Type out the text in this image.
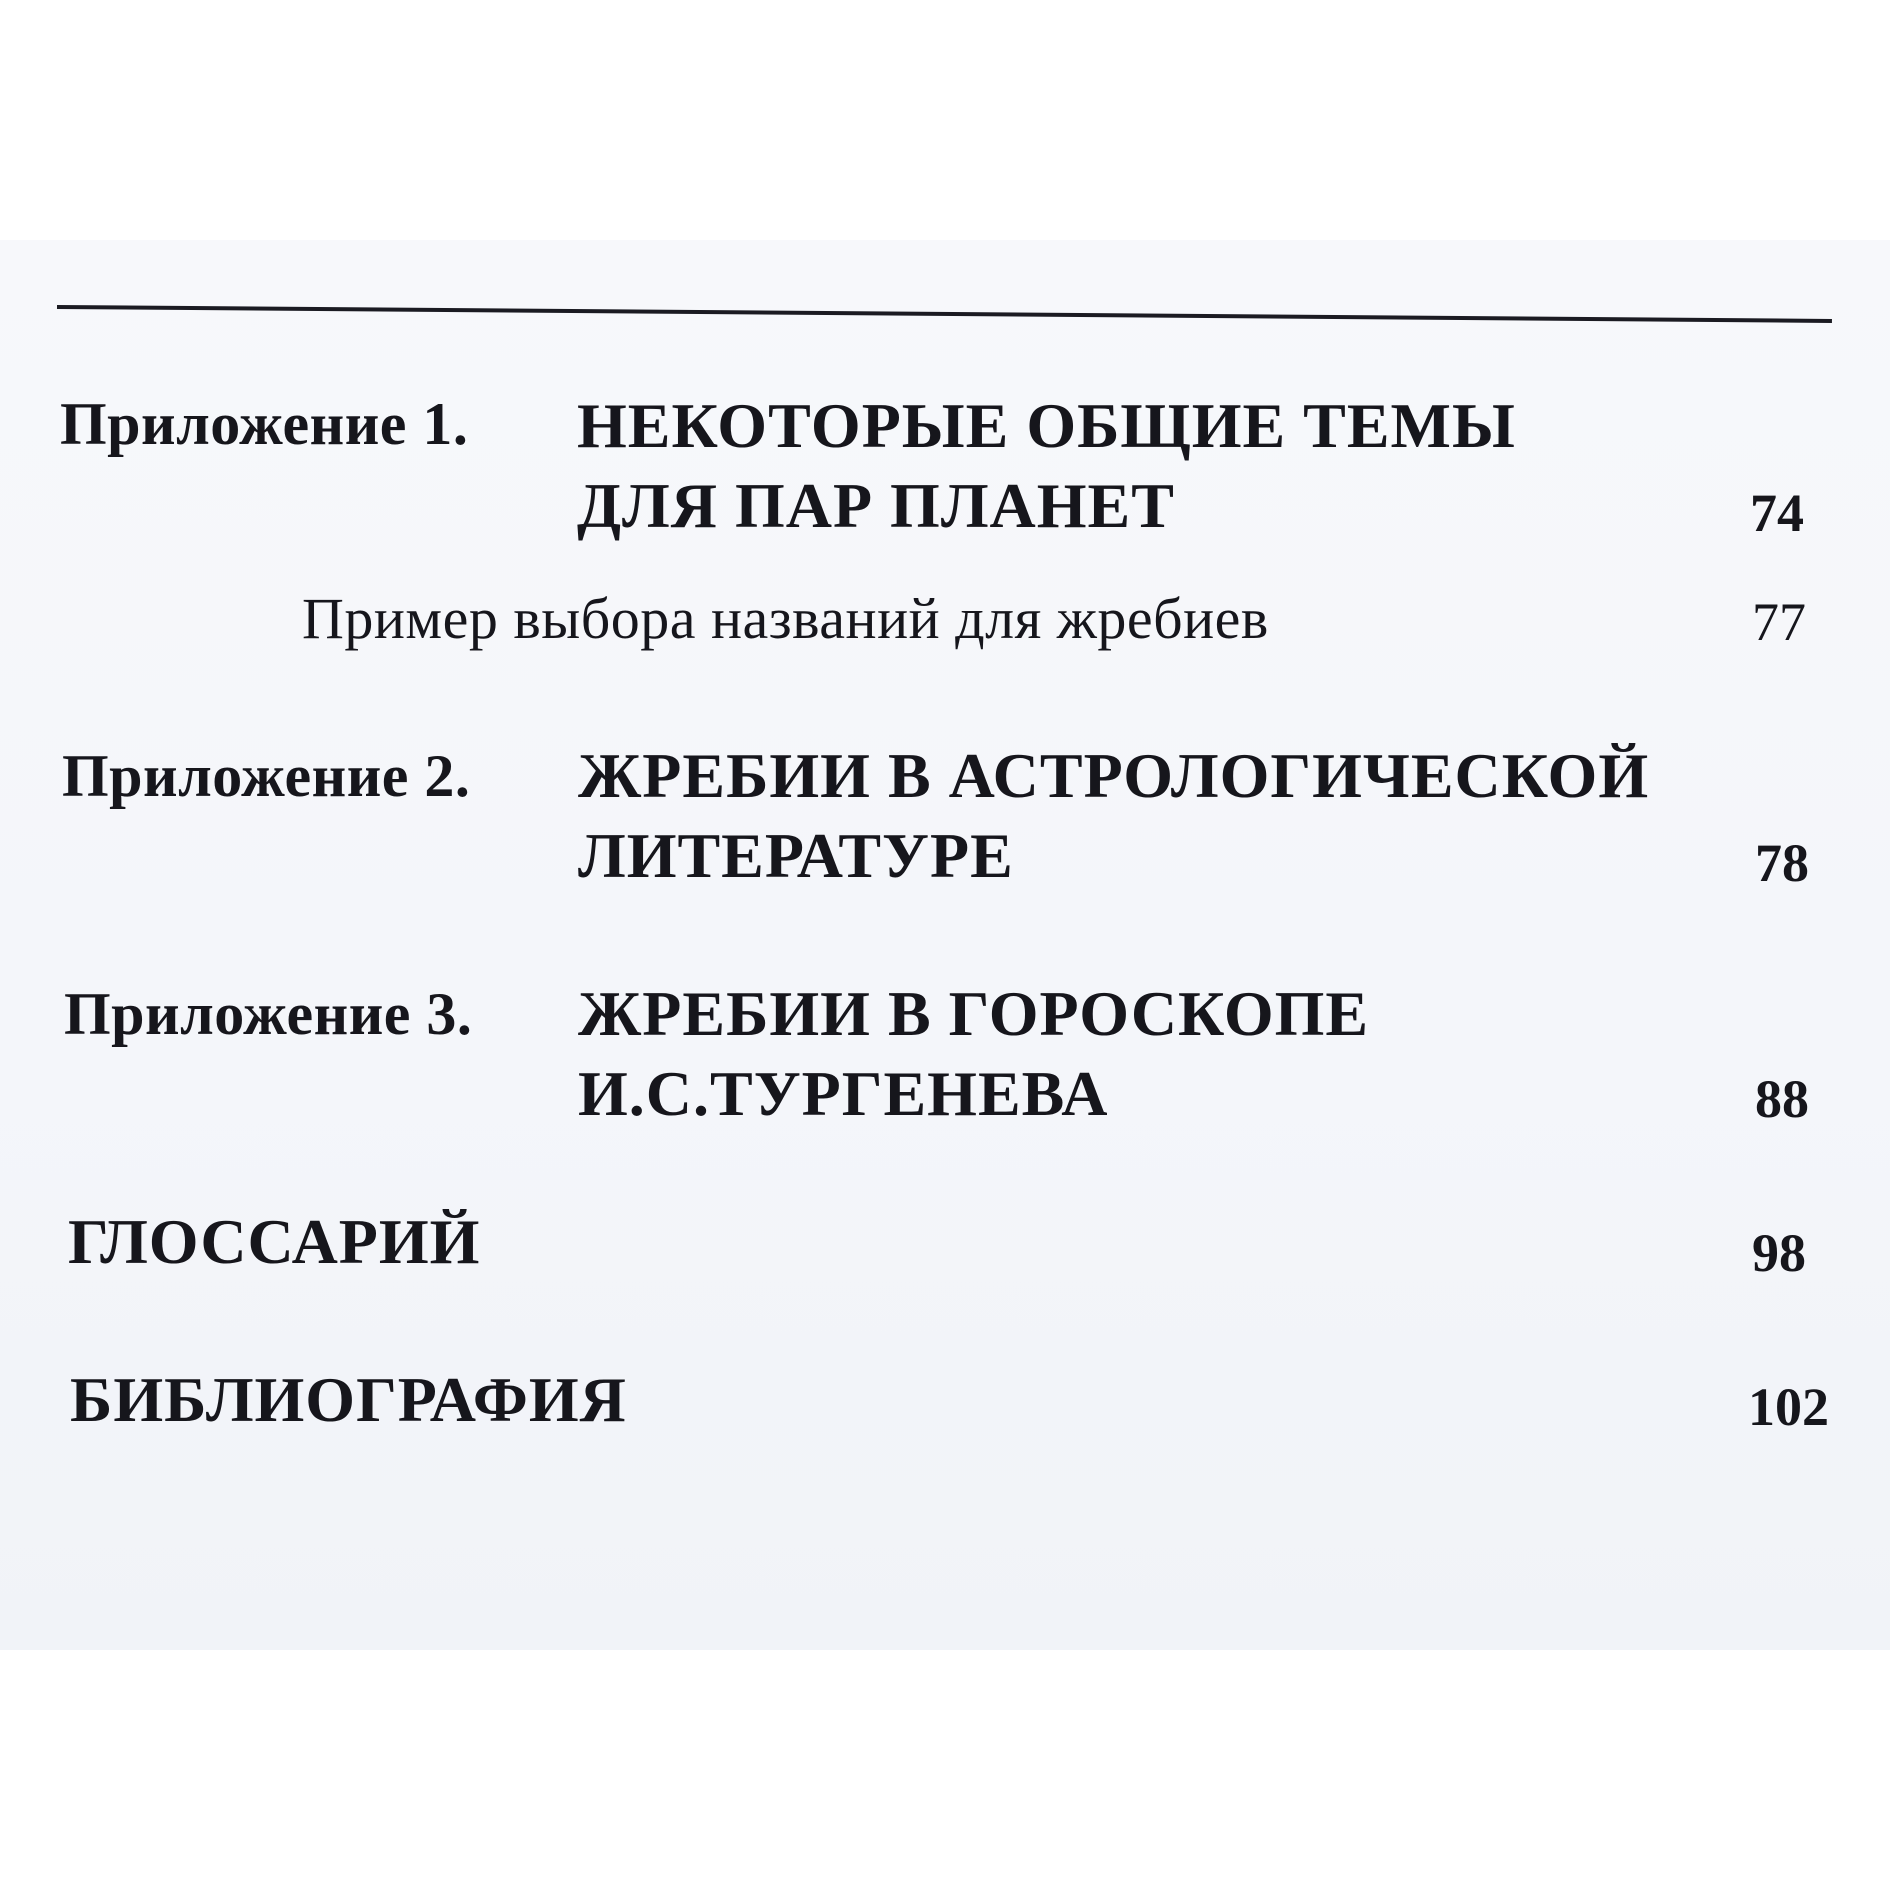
Приложение 1. НЕКОТОРЫЕ ОБЩИЕ ТЕМЫ
ДЛЯ ПАР ПЛАНЕТ	74
Пример выбора названий для жребиев	77
Приложение 2. ЖРЕБИИ В АСТРОЛОГИЧЕСКОЙ
ЛИТЕРАТУРЕ	78
Приложение 3. ЖРЕБИИ В ГОРОСКОПЕ
И.С.ТУРГЕНЕВА	88
ГЛОССАРИЙ	98
БИБЛИОГРАФИЯ	102
